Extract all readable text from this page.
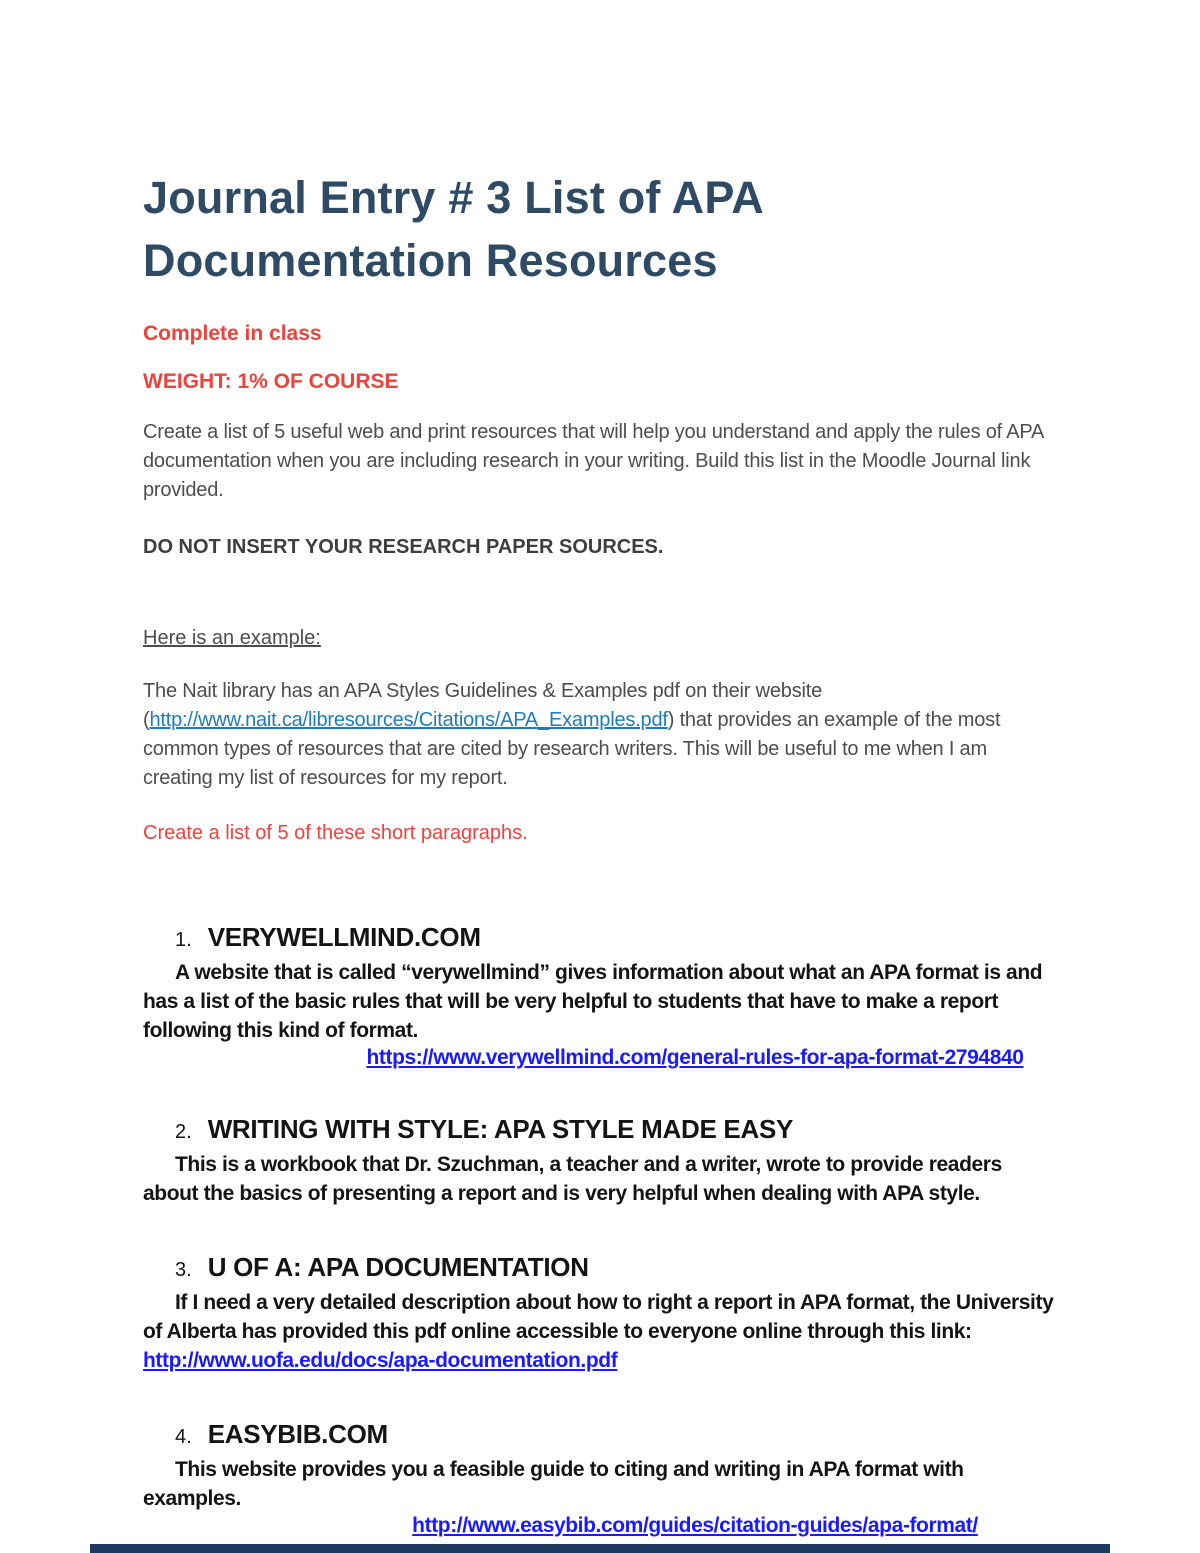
Journal Entry # 3 List of APA
Documentation Resources

Complete in class

WEIGHT: 1% OF COURSE

Create a list of 5 useful web and print resources that will help you understand and apply the rules of APA documentation when you are including research in your writing. Build this list in the Moodle Journal link provided.

DO NOT INSERT YOUR RESEARCH PAPER SOURCES.

Here is an example:

The Nait library has an APA Styles Guidelines & Examples pdf on their website (http://www.nait.ca/libresources/Citations/APA_Examples.pdf) that provides an example of the most common types of resources that are cited by research writers. This will be useful to me when I am creating my list of resources for my report.

Create a list of 5 of these short paragraphs.

1. VERYWELLMIND.COM

A website that is called “verywellmind” gives information about what an APA format is and has a list of the basic rules that will be very helpful to students that have to make a report following this kind of format.

https://www.verywellmind.com/general-rules-for-apa-format-2794840

2. WRITING WITH STYLE: APA STYLE MADE EASY

This is a workbook that Dr. Szuchman, a teacher and a writer, wrote to provide readers about the basics of presenting a report and is very helpful when dealing with APA style.

3. U OF A: APA DOCUMENTATION

If I need a very detailed description about how to right a report in APA format, the University of Alberta has provided this pdf online accessible to everyone online through this link: http://www.uofa.edu/docs/apa-documentation.pdf

4. EASYBIB.COM

This website provides you a feasible guide to citing and writing in APA format with examples.

http://www.easybib.com/guides/citation-guides/apa-format/
